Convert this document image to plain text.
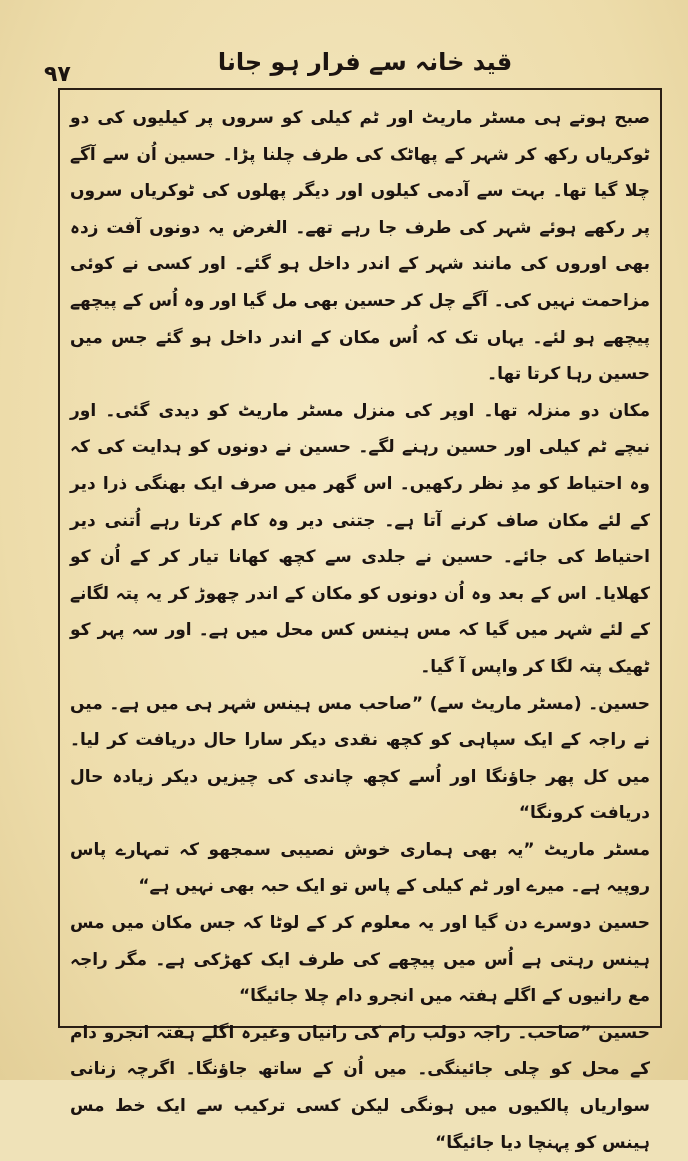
۹۷	قید خانہ سے فرار ہو جانا

صبح ہوتے ہی مسٹر ماریٹ اور ٹم کیلی کو سروں پر کیلیوں کی دو ٹوکریاں رکھ کر شہر کے پھاٹک کی طرف چلنا پڑا۔ حسین اُن سے آگے چلا گیا تھا۔ بہت سے آدمی کیلوں اور دیگر پھلوں کی ٹوکریاں سروں پر رکھے ہوئے شہر کی طرف جا رہے تھے۔ الغرض یہ دونوں آفت زدہ بھی اوروں کی مانند شہر کے اندر داخل ہو گئے۔ اور کسی نے کوئی مزاحمت نہیں کی۔ آگے چل کر حسین بھی مل گیا اور وہ اُس کے پیچھے پیچھے ہو لئے۔ یہاں تک کہ اُس مکان کے اندر داخل ہو گئے جس میں حسین رہا کرتا تھا۔

مکان دو منزلہ تھا۔ اوپر کی منزل مسٹر ماریٹ کو دیدی گئی۔ اور نیچے ٹم کیلی اور حسین رہنے لگے۔ حسین نے دونوں کو ہدایت کی کہ وہ احتیاط کو مدِ نظر رکھیں۔ اس گھر میں صرف ایک بھنگی ذرا دیر کے لئے مکان صاف کرنے آتا ہے۔ جتنی دیر وہ کام کرتا رہے اُتنی دیر احتیاط کی جائے۔ حسین نے جلدی سے کچھ کھانا تیار کر کے اُن کو کھلایا۔ اس کے بعد وہ اُن دونوں کو مکان کے اندر چھوڑ کر یہ پتہ لگانے کے لئے شہر میں گیا کہ مس ہینس کس محل میں ہے۔ اور سہ پہر کو ٹھیک پتہ لگا کر واپس آ گیا۔

حسین۔ (مسٹر ماریٹ سے) ”صاحب مس ہینس شہر ہی میں ہے۔ میں نے راجہ کے ایک سپاہی کو کچھ نقدی دیکر سارا حال دریافت کر لیا۔ میں کل پھر جاؤنگا اور اُسے کچھ چاندی کی چیزیں دیکر زیادہ حال دریافت کرونگا“

مسٹر ماریٹ ”یہ بھی ہماری خوش نصیبی سمجھو کہ تمہارے پاس روپیہ ہے۔ میرے اور ٹم کیلی کے پاس تو ایک حبہ بھی نہیں ہے“

حسین دوسرے دن گیا اور یہ معلوم کر کے لوٹا کہ جس مکان میں مس ہینس رہتی ہے اُس میں پیچھے کی طرف ایک کھڑکی ہے۔ مگر راجہ مع رانیوں کے اگلے ہفتہ میں انجرو دام چلا جائیگا“

حسین ”صاحب۔ راجہ دولب رام کی رانیاں وغیرہ اگلے ہفتہ انجرو دام کے محل کو چلی جائینگی۔ میں اُن کے ساتھ جاؤنگا۔ اگرچہ زنانی سواریاں پالکیوں میں ہونگی لیکن کسی ترکیب سے ایک خط مس ہینس کو پہنچا دیا جائیگا“
